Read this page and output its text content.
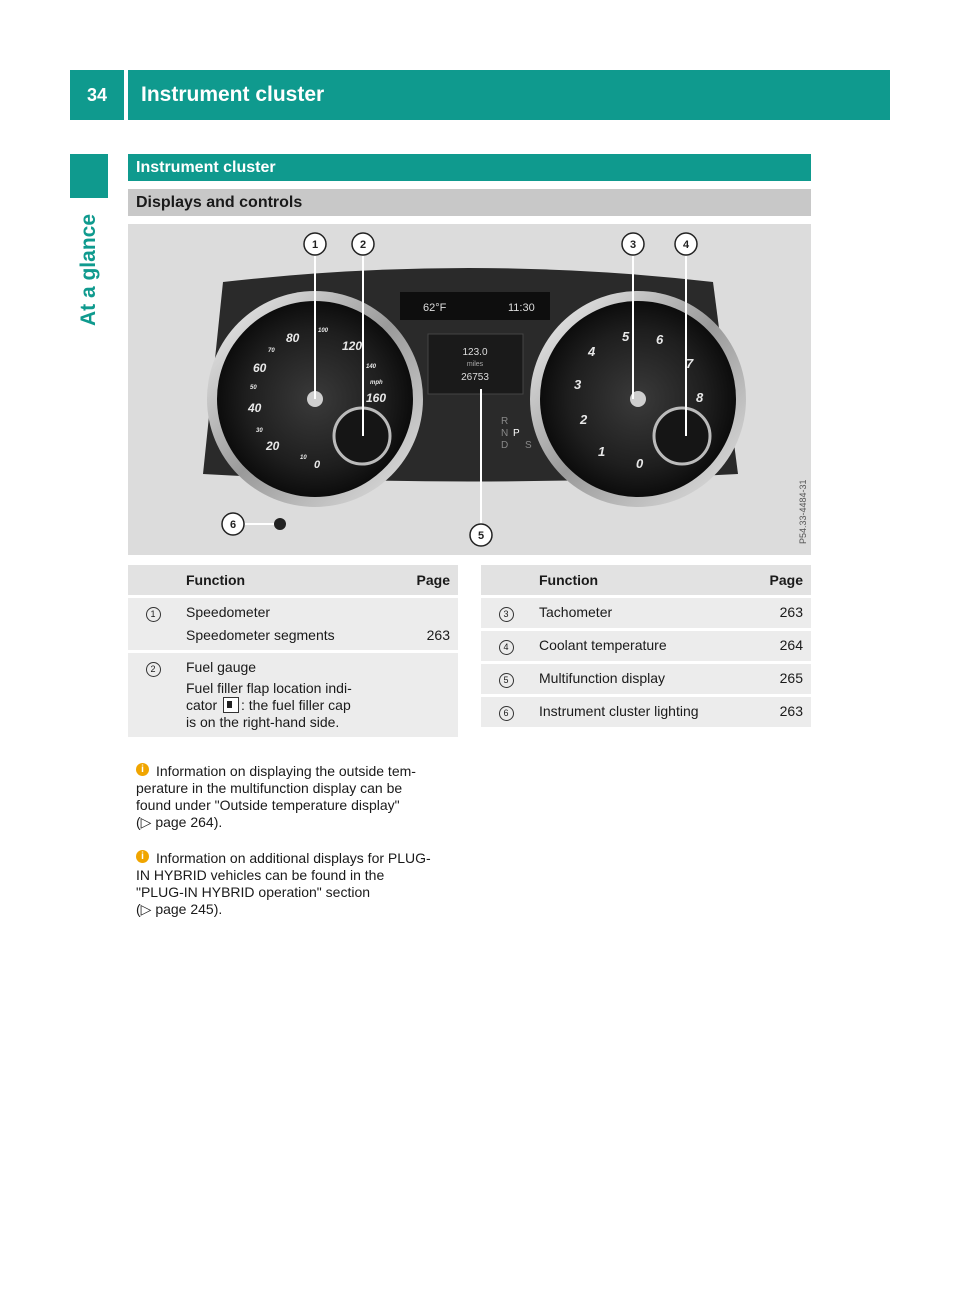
34	Instrument cluster
At a glance
Instrument cluster
Displays and controls
62°F	11:30
123.0
miles
26753
R
N P
D S
0
10
20
30
40
50
60
70
80	100
120
140
mph
160
0
1
2
3
4
5 6
7
8
1	2	3	4
5
6	P54.33-4484-31
	Function	Page
1	Speedometer
Speedometer segments	263
2	Fuel gauge
Fuel filler flap location indi-
cator : the fuel filler cap
is on the right-hand side.	

	Function	Page
3	Tachometer	263
4	Coolant temperature	264
5	Multifunction display	265
6	Instrument cluster lighting	263
i Information on displaying the outside tem-
perature in the multifunction display can be
found under "Outside temperature display"
(▷ page 264).
i Information on additional displays for PLUG-
IN HYBRID vehicles can be found in the
"PLUG-IN HYBRID operation" section
(▷ page 245).
